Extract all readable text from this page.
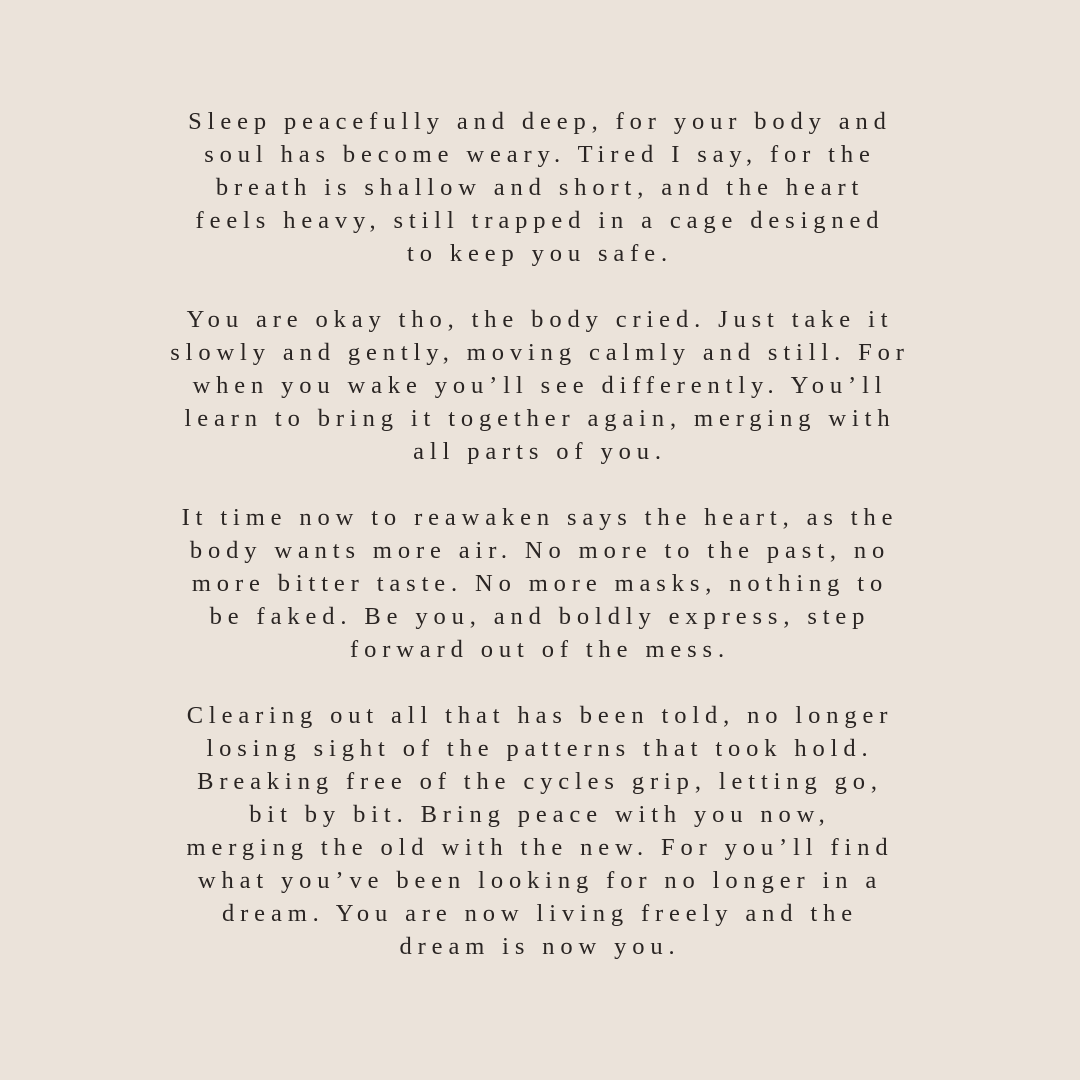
Sleep peacefully and deep, for your body and
soul has become weary. Tired I say, for the
breath is shallow and short, and the heart
feels heavy, still trapped in a cage designed
to keep you safe.
You are okay tho, the body cried. Just take it
slowly and gently, moving calmly and still. For
when you wake you’ll see differently. You’ll
learn to bring it together again, merging with
all parts of you.
It time now to reawaken says the heart, as the
body wants more air. No more to the past, no
more bitter taste. No more masks, nothing to
be faked. Be you, and boldly express, step
forward out of the mess.
Clearing out all that has been told, no longer
losing sight of the patterns that took hold.
Breaking free of the cycles grip, letting go,
bit by bit. Bring peace with you now,
merging the old with the new. For you’ll find
what you’ve been looking for no longer in a
dream. You are now living freely and the
dream is now you.
